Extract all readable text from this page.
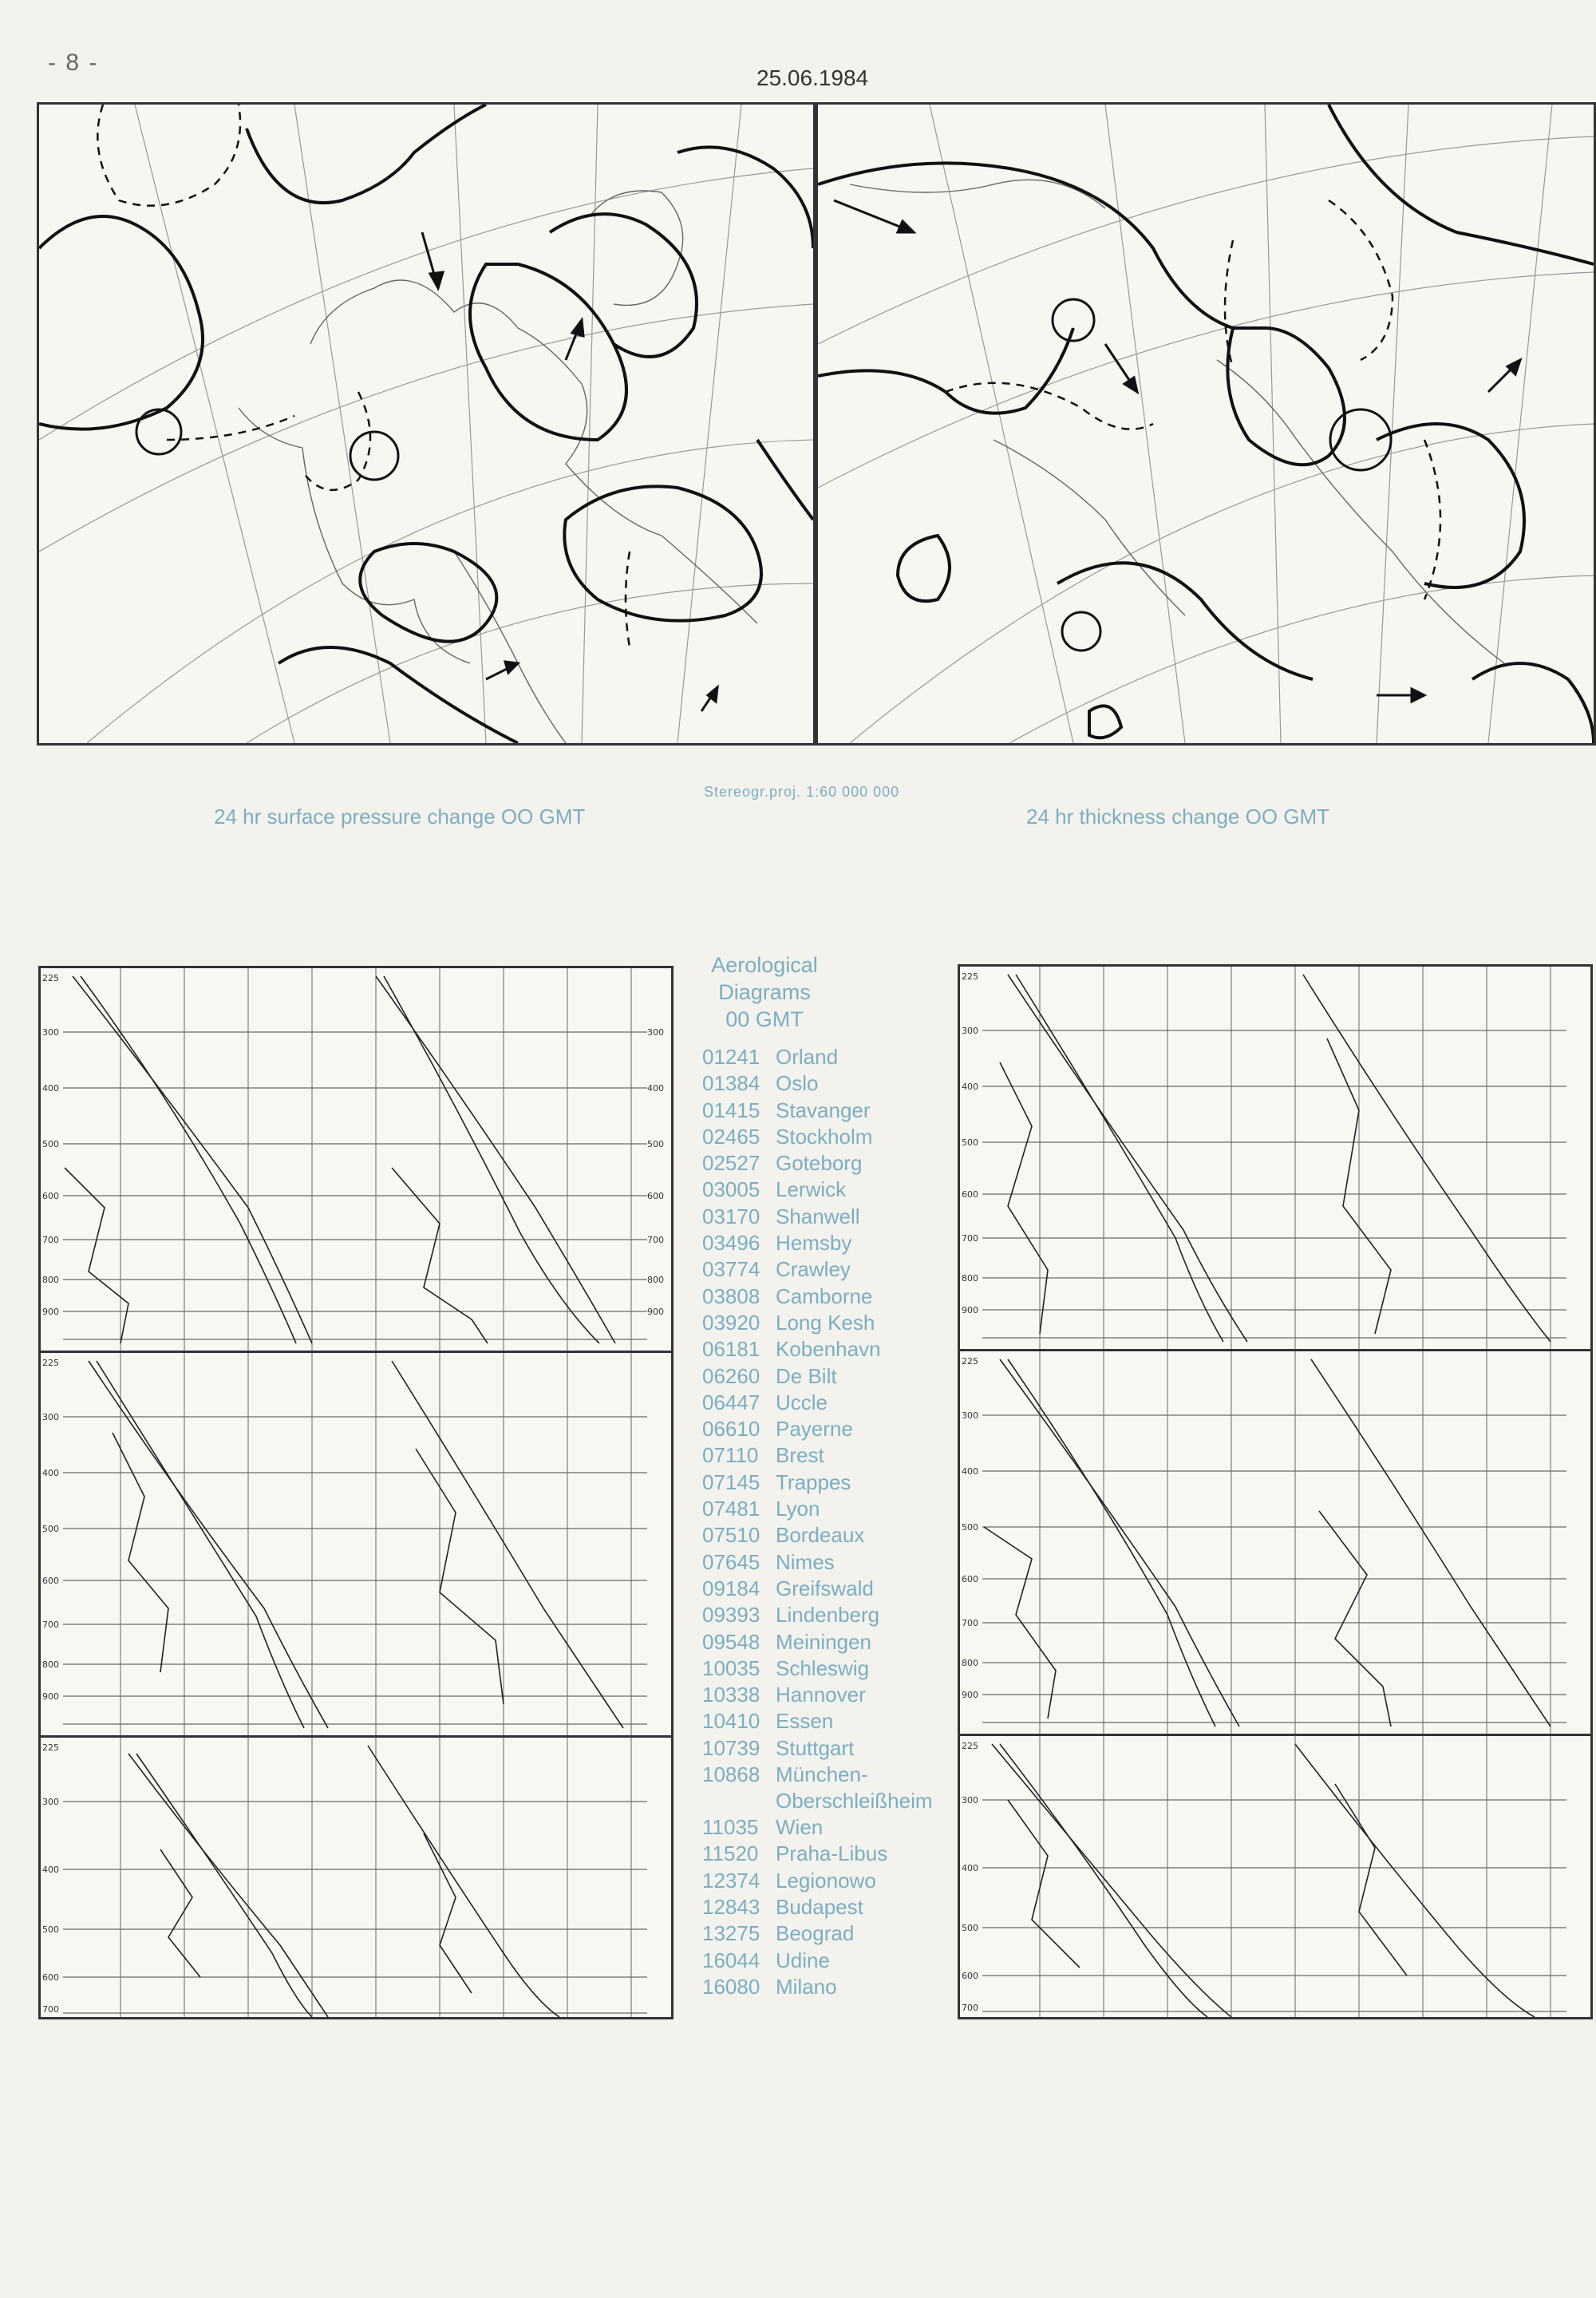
- 8 -
25.06.1984
24 hr surface pressure change OO GMT	24 hr thickness change OO GMT
Stereogr.proj. 1:60 000 000
225
300
400
500
600
700
800
900
300
400
500
600
700
800
900
225
300
400
500
600
700
800
900
225
300
400
500
600
700
Aerological
Diagrams
00 GMT
01241 Orland
01384 Oslo
01415 Stavanger
02465 Stockholm
02527 Goteborg
03005 Lerwick
03170 Shanwell
03496 Hemsby
03774 Crawley
03808 Camborne
03920 Long Kesh
06181 Kobenhavn
06260 De Bilt
06447 Uccle
06610 Payerne
07110 Brest
07145 Trappes
07481 Lyon
07510 Bordeaux
07645 Nimes
09184 Greifswald
09393 Lindenberg
09548 Meiningen
10035 Schleswig
10338 Hannover
10410 Essen
10739 Stuttgart
10868 München-Oberschleißheim
11035 Wien
11520 Praha-Libus
12374 Legionowo
12843 Budapest
13275 Beograd
16044 Udine
16080 Milano
225
300
400
500
600
700
800
900
225
300
400
500
600
700
800
900
225
300
400
500
600
700
